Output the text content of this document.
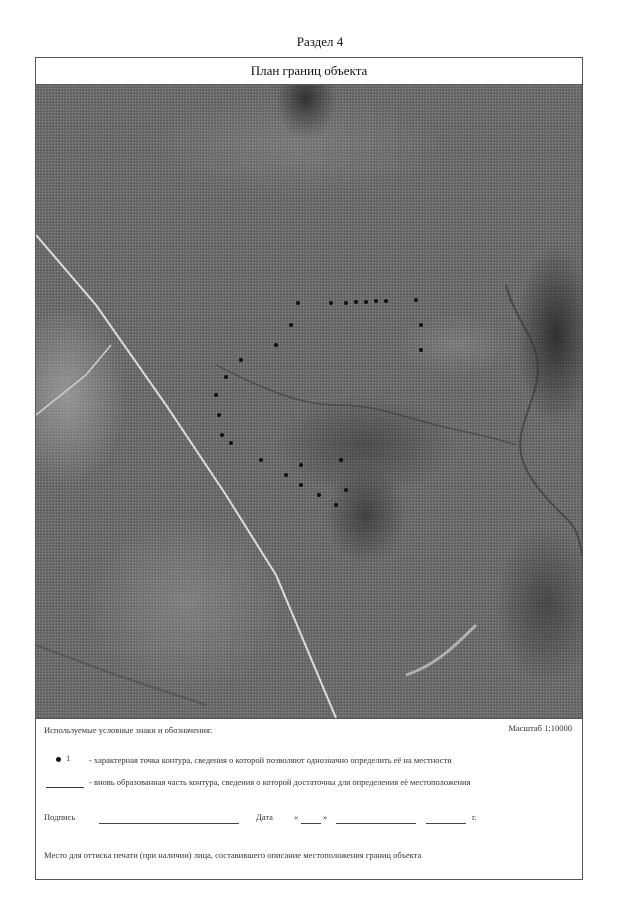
Раздел 4
План границ объекта
Используемые условные знаки и обозначения:	Масштаб 1:10000
1 - характерная точка контура, сведения о которой позволяют однозначно определить её на местности
- вновь образованная часть контура, сведения о которой достаточны для определения её местоположения
Подпись	Дата «	»	г.
Место для оттиска печати (при наличии) лица, составившего описание местоположения границ объекта
